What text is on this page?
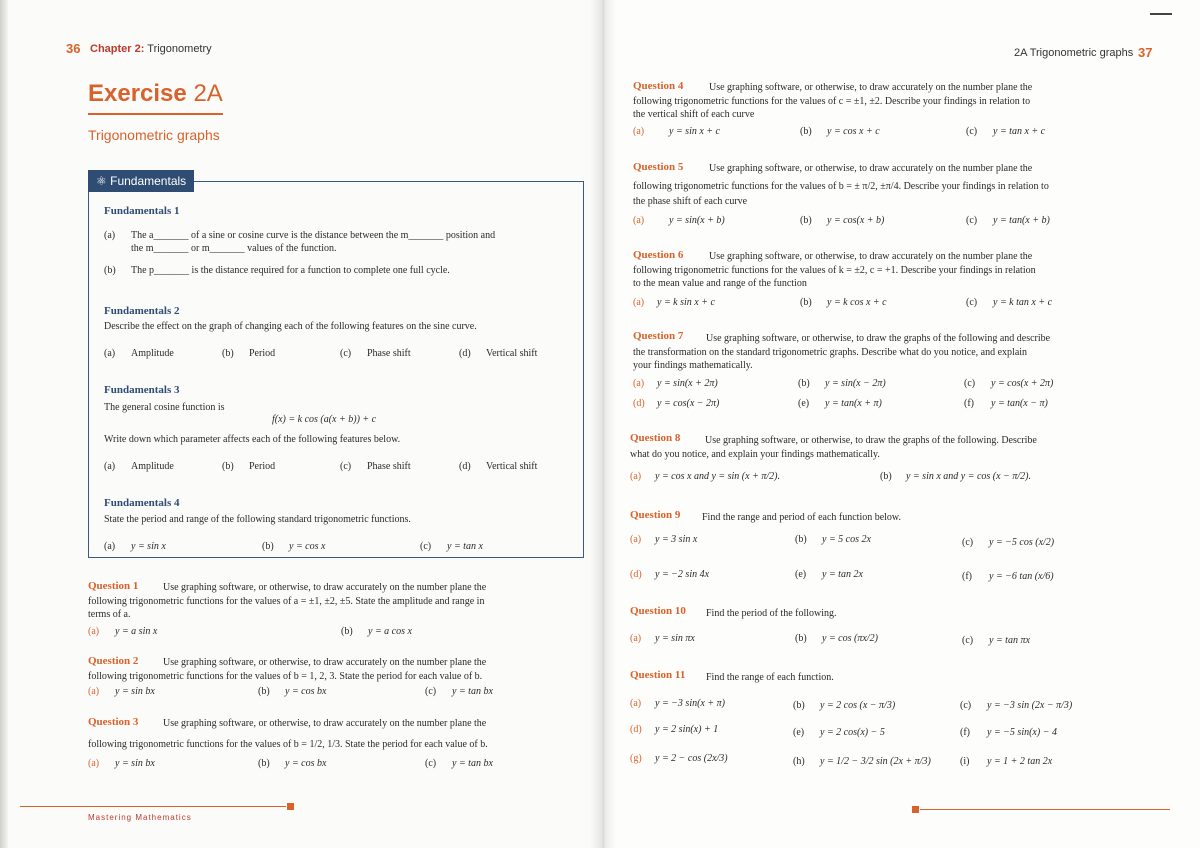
36 Chapter 2: Trigonometry
Exercise 2A
Trigonometric graphs
⚛ Fundamentals
Fundamentals 1
(a) The a_______ of a sine or cosine curve is the distance between the m_______ position and
the m_______ or m_______ values of the function.
(b) The p_______ is the distance required for a function to complete one full cycle.
Fundamentals 2
Describe the effect on the graph of changing each of the following features on the sine curve.
(a) Amplitude	(b) Period	(c) Phase shift	(d) Vertical shift
Fundamentals 3
The general cosine function is
f(x) = k cos (a(x + b)) + c
Write down which parameter affects each of the following features below.
(a) Amplitude	(b) Period	(c) Phase shift	(d) Vertical shift
Fundamentals 4
State the period and range of the following standard trigonometric functions.
(a) y = sin x	(b) y = cos x	(c) y = tan x
Question 1 Use graphing software, or otherwise, to draw accurately on the number plane the
following trigonometric functions for the values of a = ±1, ±2, ±5. State the amplitude and range in
terms of a.
(a) y = a sin x	(b) y = a cos x
Question 2 Use graphing software, or otherwise, to draw accurately on the number plane the
following trigonometric functions for the values of b = 1, 2, 3. State the period for each value of b.
(a) y = sin bx	(b) y = cos bx	(c) y = tan bx
Question 3 Use graphing software, or otherwise, to draw accurately on the number plane the
following trigonometric functions for the values of b = 1/2, 1/3. State the period for each value of b.
(a) y = sin bx	(b) y = cos bx	(c) y = tan bx
Mastering Mathematics
2A Trigonometric graphs 37
Question 4	Use graphing software, or otherwise, to draw accurately on the number plane the
following trigonometric functions for the values of c = ±1, ±2. Describe your findings in relation to
the vertical shift of each curve
(a) y = sin x + c	(b) y = cos x + c	(c) y = tan x + c
Question 5	Use graphing software, or otherwise, to draw accurately on the number plane the
following trigonometric functions for the values of b = ± π/2, ±π/4. Describe your findings in relation to
the phase shift of each curve
(a) y = sin(x + b)	(b) y = cos(x + b)	(c) y = tan(x + b)
Question 6	Use graphing software, or otherwise, to draw accurately on the number plane the
following trigonometric functions for the values of k = ±2, c = +1. Describe your findings in relation
to the mean value and range of the function
(a) y = k sin x + c	(b) y = k cos x + c	(c) y = k tan x + c
Question 7 Use graphing software, or otherwise, to draw the graphs of the following and describe
the transformation on the standard trigonometric graphs. Describe what do you notice, and explain
your findings mathematically.
(a) y = sin(x + 2π)	(b) y = sin(x − 2π)	(c) y = cos(x + 2π)
(d) y = cos(x − 2π)	(e) y = tan(x + π)	(f) y = tan(x − π)
Question 8 Use graphing software, or otherwise, to draw the graphs of the following. Describe
what do you notice, and explain your findings mathematically.
(a) y = cos x and y = sin (x + π/2).	(b) y = sin x and y = cos (x − π/2).
Question 9 Find the range and period of each function below.
(a) y = 3 sin x	(b) y = 5 cos 2x	(c) y = −5 cos (x/2)
(d) y = −2 sin 4x	(e) y = tan 2x	(f) y = −6 tan (x/6)
Question 10 Find the period of the following.
(a) y = sin πx	(b) y = cos (πx/2)	(c) y = tan πx
Question 11 Find the range of each function.
(a) y = −3 sin(x + π)	(b) y = 2 cos (x − π/3)	(c) y = −3 sin (2x − π/3)
(d) y = 2 sin(x) + 1	(e) y = 2 cos(x) − 5	(f) y = −5 sin(x) − 4
(g) y = 2 − cos (2x/3)	(h) y = 1/2 − 3/2 sin (2x + π/3)	(i) y = 1 + 2 tan 2x
